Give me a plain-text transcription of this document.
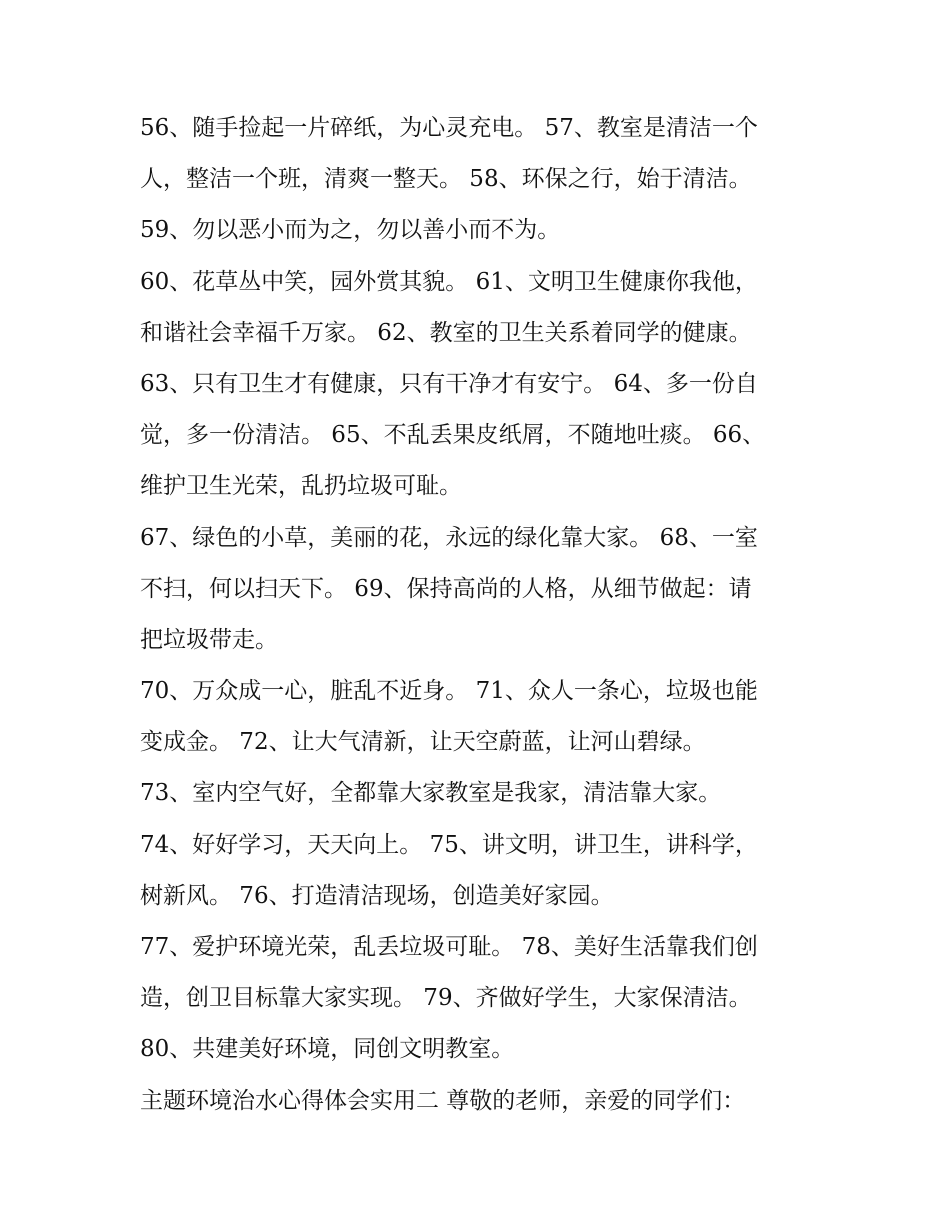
56、随手捡起一片碎纸，为心灵充电。 57、教室是清洁一个
人，整洁一个班，清爽一整天。 58、环保之行，始于清洁。
59、勿以恶小而为之，勿以善小而不为。
60、花草丛中笑，园外赏其貌。 61、文明卫生健康你我他，
和谐社会幸福千万家。 62、教室的卫生关系着同学的健康。
63、只有卫生才有健康，只有干净才有安宁。 64、多一份自
觉，多一份清洁。 65、不乱丢果皮纸屑，不随地吐痰。 66、
维护卫生光荣，乱扔垃圾可耻。
67、绿色的小草，美丽的花，永远的绿化靠大家。 68、一室
不扫，何以扫天下。 69、保持高尚的人格，从细节做起：请
把垃圾带走。
70、万众成一心，脏乱不近身。 71、众人一条心，垃圾也能
变成金。 72、让大气清新，让天空蔚蓝，让河山碧绿。
73、室内空气好，全都靠大家教室是我家，清洁靠大家。
74、好好学习，天天向上。 75、讲文明，讲卫生，讲科学，
树新风。 76、打造清洁现场，创造美好家园。
77、爱护环境光荣，乱丢垃圾可耻。 78、美好生活靠我们创
造，创卫目标靠大家实现。 79、齐做好学生，大家保清洁。
80、共建美好环境，同创文明教室。
主题环境治水心得体会实用二 尊敬的老师，亲爱的同学们：
